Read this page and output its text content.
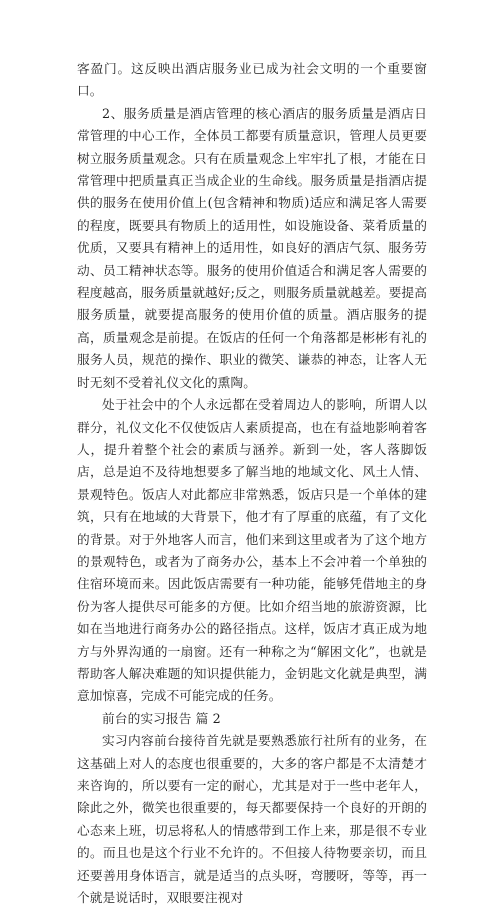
客盈门。这反映出酒店服务业已成为社会文明的一个重要窗口。

2、服务质量是酒店管理的核心酒店的服务质量是酒店日常管理的中心工作，全体员工都要有质量意识，管理人员更要树立服务质量观念。只有在质量观念上牢牢扎了根，才能在日常管理中把质量真正当成企业的生命线。服务质量是指酒店提供的服务在使用价值上(包含精神和物质)适应和满足客人需要的程度，既要具有物质上的适用性，如设施设备、菜肴质量的优质，又要具有精神上的适用性，如良好的酒店气氛、服务劳动、员工精神状态等。服务的使用价值适合和满足客人需要的程度越高，服务质量就越好;反之，则服务质量就越差。要提高服务质量，就要提高服务的使用价值的质量。酒店服务的提高，质量观念是前提。在饭店的任何一个角落都是彬彬有礼的服务人员，规范的操作、职业的微笑、谦恭的神态，让客人无时无刻不受着礼仪文化的熏陶。

处于社会中的个人永远都在受着周边人的影响，所谓人以群分，礼仪文化不仅使饭店人素质提高，也在有益地影响着客人，提升着整个社会的素质与涵养。新到一处，客人落脚饭店，总是迫不及待地想要多了解当地的地域文化、风土人情、景观特色。饭店人对此都应非常熟悉，饭店只是一个单体的建筑，只有在地域的大背景下，他才有了厚重的底蕴，有了文化的背景。对于外地客人而言，他们来到这里或者为了这个地方的景观特色，或者为了商务办公，基本上不会冲着一个单独的住宿环境而来。因此饭店需要有一种功能，能够凭借地主的身份为客人提供尽可能多的方便。比如介绍当地的旅游资源，比如在当地进行商务办公的路径指点。这样，饭店才真正成为地方与外界沟通的一扇窗。还有一种称之为“解困文化”，也就是帮助客人解决难题的知识提供能力，金钥匙文化就是典型，满意加惊喜，完成不可能完成的任务。

前台的实习报告 篇 2

实习内容前台接待首先就是要熟悉旅行社所有的业务，在这基础上对人的态度也很重要的，大多的客户都是不太清楚才来咨询的，所以要有一定的耐心，尤其是对于一些中老年人，除此之外，微笑也很重要的，每天都要保持一个良好的开朗的心态来上班，切忌将私人的情感带到工作上来，那是很不专业的。而且也是这个行业不允许的。不但接人待物要亲切，而且还要善用身体语言，就是适当的点头呀，弯腰呀，等等，再一个就是说话时，双眼要注视对
